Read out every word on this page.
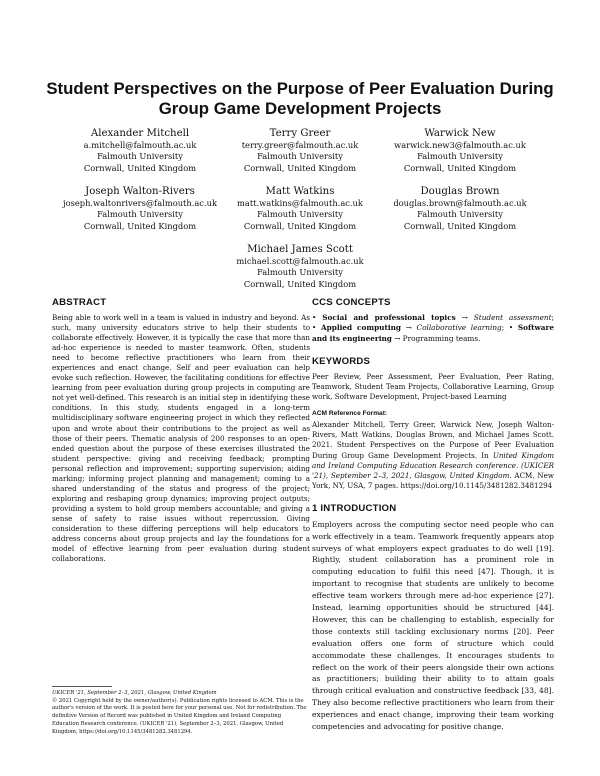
Student Perspectives on the Purpose of Peer Evaluation During
Group Game Development Projects
Alexander Mitchell
a.mitchell@falmouth.ac.uk
Falmouth University
Cornwall, United Kingdom
Terry Greer
terry.greer@falmouth.ac.uk
Falmouth University
Cornwall, United Kingdom
Warwick New
warwick.new3@falmouth.ac.uk
Falmouth University
Cornwall, United Kingdom
Joseph Walton-Rivers
joseph.waltonrivers@falmouth.ac.uk
Falmouth University
Cornwall, United Kingdom
Matt Watkins
matt.watkins@falmouth.ac.uk
Falmouth University
Cornwall, United Kingdom
Douglas Brown
douglas.brown@falmouth.ac.uk
Falmouth University
Cornwall, United Kingdom
Michael James Scott
michael.scott@falmouth.ac.uk
Falmouth University
Cornwall, United Kingdom
ABSTRACT

Being able to work well in a team is valued in industry and beyond. As such, many university educators strive to help their students to collaborate effectively. However, it is typically the case that more than ad-hoc experience is needed to master teamwork. Often, students need to become reflective practitioners who learn from their experiences and enact change. Self and peer evaluation can help evoke such reflection. However, the facilitating conditions for effective learning from peer evaluation during group projects in computing are not yet well-defined. This research is an initial step in identifying these conditions. In this study, students engaged in a long-term multidisciplinary software engineering project in which they reflected upon and wrote about their contributions to the project as well as those of their peers. Thematic analysis of 200 responses to an open-ended question about the purpose of these exercises illustrated the student perspective: giving and receiving feedback; prompting personal reflection and improvement; supporting supervision; aiding marking; informing project planning and management; coming to a shared understanding of the status and progress of the project; exploring and reshaping group dynamics; improving project outputs; providing a system to hold group members accountable; and giving a sense of safety to raise issues without repercussion. Giving consideration to these differing perceptions will help educators to address concerns about group projects and lay the foundations for a model of effective learning from peer evaluation during student collaborations.

CCS CONCEPTS
• Social and professional topics → Student assessment; • Applied computing → Collaborative learning; • Software and its engineering → Programming teams.
KEYWORDS

Peer Review, Peer Assessment, Peer Evaluation, Peer Rating, Teamwork, Student Team Projects, Collaborative Learning, Group work, Software Development, Project-based Learning

ACM Reference Format:

Alexander Mitchell, Terry Greer, Warwick New, Joseph Walton-Rivers, Matt Watkins, Douglas Brown, and Michael James Scott. 2021. Student Perspectives on the Purpose of Peer Evaluation During Group Game Development Projects. In United Kingdom and Ireland Computing Education Research conference. (UKICER '21), September 2–3, 2021, Glasgow, United Kingdom. ACM, New York, NY, USA, 7 pages. https://doi.org/10.1145/3481282.3481294

1 INTRODUCTION

Employers across the computing sector need people who can work effectively in a team. Teamwork frequently appears atop surveys of what employers expect graduates to do well [19]. Rightly, student collaboration has a prominent role in computing education to fulfil this need [47]. Though, it is important to recognise that students are unlikely to become effective team workers through mere ad-hoc experience [27]. Instead, learning opportunities should be structured [44]. However, this can be challenging to establish, especially for those contexts still tackling exclusionary norms [20]. Peer evaluation offers one form of structure which could accommodate these challenges. It encourages students to reflect on the work of their peers alongside their own actions as practitioners; building their ability to to attain goals through critical evaluation and constructive feedback [33, 48]. They also become reflective practitioners who learn from their experiences and enact change, improving their team working competencies and advocating for positive change.

UKICER '21, September 2–3, 2021, Glasgow, United Kingdom
© 2021 Copyright held by the owner/author(s). Publication rights licensed to ACM. This is the author's version of the work. It is posted here for your personal use. Not for redistribution. The definitive Version of Record was published in United Kingdom and Ireland Computing Education Research conference. (UKICER '21), September 2–3, 2021, Glasgow, United Kingdom, https://doi.org/10.1145/3481282.3481294.
